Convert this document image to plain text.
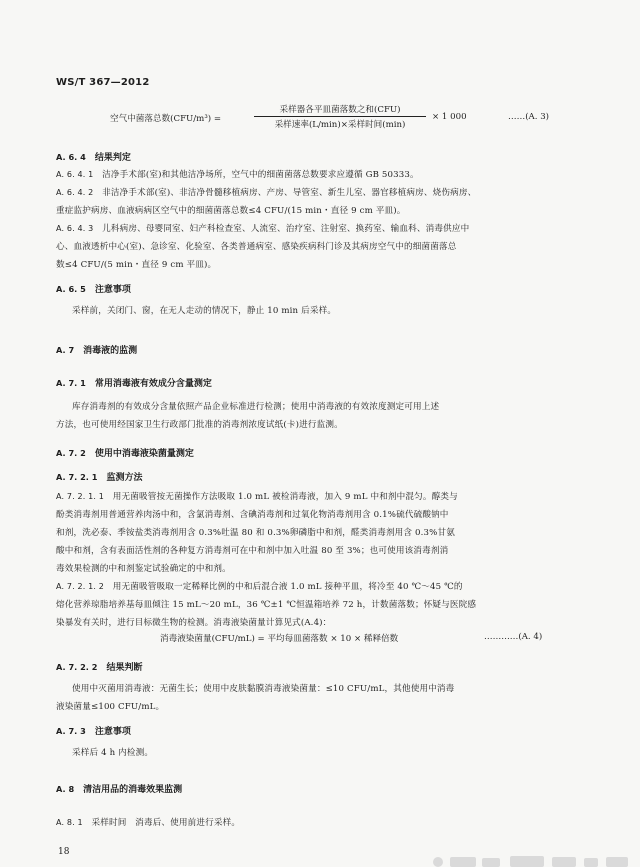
WS/T 367—2012
空气中菌落总数(CFU/m³) =
采样器各平皿菌落数之和(CFU)
采样速率(L/min)×采样时间(min)
× 1 000	……(A. 3)
A. 6. 4 结果判定
A. 6. 4. 1　 洁净手术部(室)和其他洁净场所，空气中的细菌菌落总数要求应遵循 GB 50333。
A. 6. 4. 2　 非洁净手术部(室)、非洁净骨髓移植病房、产房、导管室、新生儿室、器官移植病房、烧伤病房、
重症监护病房、血液病病区空气中的细菌菌落总数≤4 CFU/(15 min・直径 9 cm 平皿)。
A. 6. 4. 3　 儿科病房、母婴同室、妇产科检查室、人流室、治疗室、注射室、换药室、输血科、消毒供应中
心、血液透析中心(室)、急诊室、化验室、各类普通病室、感染疾病科门诊及其病房空气中的细菌菌落总
数≤4 CFU/(5 min・直径 9 cm 平皿)。
A. 6. 5 注意事项
采样前，关闭门、窗，在无人走动的情况下，静止 10 min 后采样。
A. 7 消毒液的监测
A. 7. 1 常用消毒液有效成分含量测定
库存消毒剂的有效成分含量依照产品企业标准进行检测；使用中消毒液的有效浓度测定可用上述
方法，也可使用经国家卫生行政部门批准的消毒剂浓度试纸(卡)进行监测。
A. 7. 2 使用中消毒液染菌量测定
A. 7. 2. 1 监测方法
A. 7. 2. 1. 1　 用无菌吸管按无菌操作方法吸取 1.0 mL 被检消毒液，加入 9 mL 中和剂中混匀。醇类与
酚类消毒剂用普通营养肉汤中和，含氯消毒剂、含碘消毒剂和过氧化物消毒剂用含 0.1%硫代硫酸钠中
和剂，洗必泰、季铵盐类消毒剂用含 0.3%吐温 80 和 0.3%卵磷脂中和剂，醛类消毒剂用含 0.3%甘氨
酸中和剂，含有表面活性剂的各种复方消毒剂可在中和剂中加入吐温 80 至 3%；也可使用该消毒剂消
毒效果检测的中和剂鉴定试验确定的中和剂。
A. 7. 2. 1. 2　 用无菌吸管吸取一定稀释比例的中和后混合液 1.0 mL 接种平皿，将冷至 40 ℃～45 ℃的
熔化营养琼脂培养基每皿倾注 15 mL～20 mL，36 ℃±1 ℃恒温箱培养 72 h，计数菌落数；怀疑与医院感
染暴发有关时，进行目标微生物的检测。消毒液染菌量计算见式(A.4)：
消毒液染菌量(CFU/mL) = 平均每皿菌落数 × 10 × 稀释倍数	…………(A. 4)
A. 7. 2. 2 结果判断
使用中灭菌用消毒液：无菌生长；使用中皮肤黏膜消毒液染菌量：≤10 CFU/mL，其他使用中消毒
液染菌量≤100 CFU/mL。
A. 7. 3 注意事项
采样后 4 h 内检测。
A. 8 清洁用品的消毒效果监测
A. 8. 1　 采样时间　消毒后、使用前进行采样。
18
